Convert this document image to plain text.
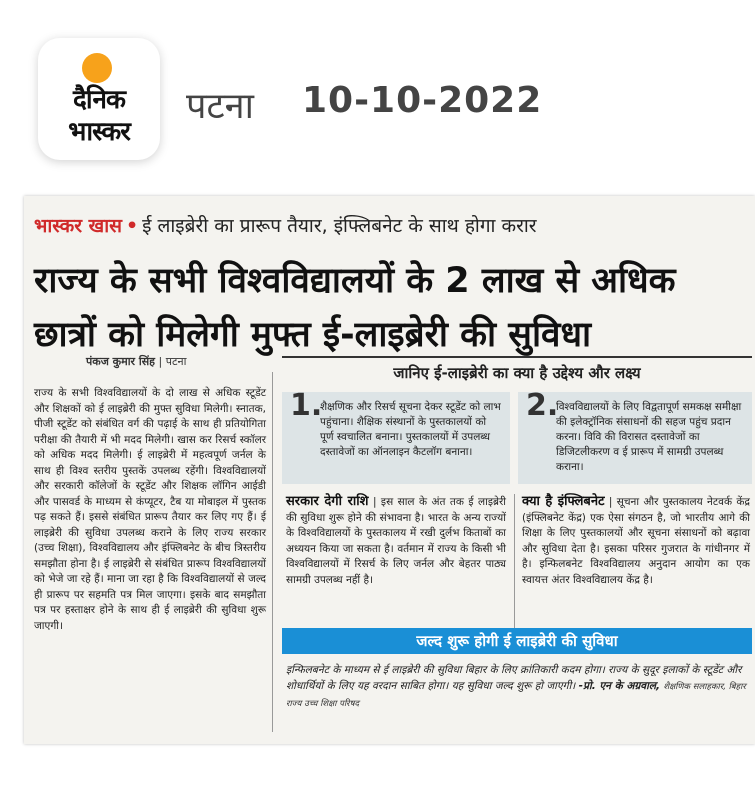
दैनिक
भास्कर
पटना 10-10-2022
भास्कर खास • ई लाइब्रेरी का प्रारूप तैयार, इंफ्लिबनेट के साथ होगा करार
राज्य के सभी विश्वविद्यालयों के 2 लाख से अधिक छात्रों को मिलेगी मुफ्त ई-लाइब्रेरी की सुविधा
पंकज कुमार सिंह | पटना
राज्य के सभी विश्वविद्यालयों के दो लाख से अधिक स्टूडेंट और शिक्षकों को ई लाइब्रेरी की मुफ्त सुविधा मिलेगी। स्नातक, पीजी स्टूडेंट को संबंधित वर्ग की पढ़ाई के साथ ही प्रतियोगिता परीक्षा की तैयारी में भी मदद मिलेगी। खास कर रिसर्च स्कॉलर को अधिक मदद मिलेगी। ई लाइब्रेरी में महत्वपूर्ण जर्नल के साथ ही विश्व स्तरीय पुस्तकें उपलब्ध रहेंगी। विश्वविद्यालयों और सरकारी कॉलेजों के स्टूडेंट और शिक्षक लॉगिन आईडी और पासवर्ड के माध्यम से कंप्यूटर, टैब या मोबाइल में पुस्तक पढ़ सकते हैं। इससे संबंधित प्रारूप तैयार कर लिए गए हैं। ई लाइब्रेरी की सुविधा उपलब्ध कराने के लिए राज्य सरकार (उच्च शिक्षा), विश्वविद्यालय और इंफ्लिबनेट के बीच त्रिस्तरीय समझौता होना है। ई लाइब्रेरी से संबंधित प्रारूप विश्वविद्यालयों को भेजे जा रहे हैं। माना जा रहा है कि विश्वविद्यालयों से जल्द ही प्रारूप पर सहमति पत्र मिल जाएगा। इसके बाद समझौता पत्र पर हस्ताक्षर होने के साथ ही ई लाइब्रेरी की सुविधा शुरू जाएगी।
जानिए ई-लाइब्रेरी का क्या है उद्देश्य और लक्ष्य
1.
शैक्षणिक और रिसर्च सूचना देकर स्टूडेंट को लाभ पहुंचाना। शैक्षिक संस्थानों के पुस्तकालयों को पूर्ण स्वचालित बनाना। पुस्तकालयों में उपलब्ध दस्तावेजों का ऑनलाइन कैटलॉग बनाना।
2.
विश्वविद्यालयों के लिए विद्वतापूर्ण समकक्ष समीक्षा की इलेक्ट्रॉनिक संसाधनों की सहज पहुंच प्रदान करना। विवि की विरासत दस्तावेजों का डिजिटलीकरण व ई प्रारूप में सामग्री उपलब्ध कराना।
सरकार देगी राशि | इस साल के अंत तक ई लाइब्रेरी की सुविधा शुरू होने की संभावना है। भारत के अन्य राज्यों के विश्वविद्यालयों के पुस्तकालय में रखी दुर्लभ किताबों का अध्ययन किया जा सकता है। वर्तमान में राज्य के किसी भी विश्वविद्यालयों में रिसर्च के लिए जर्नल और बेहतर पाठ्य सामग्री उपलब्ध नहीं है।
क्या है इंफ्लिबनेट | सूचना और पुस्तकालय नेटवर्क केंद्र (इंफ्लिबनेट केंद्र) एक ऐसा संगठन है, जो भारतीय आगे की शिक्षा के लिए पुस्तकालयों और सूचना संसाधनों को बढ़ावा और सुविधा देता है। इसका परिसर गुजरात के गांधीनगर में है। इन्फिलबनेट विश्वविद्यालय अनुदान आयोग का एक स्वायत्त अंतर विश्वविद्यालय केंद्र है।
जल्द शुरू होगी ई लाइब्रेरी की सुविधा
इन्फिलबनेट के माध्यम से ई लाइब्रेरी की सुविधा बिहार के लिए क्रांतिकारी कदम होगा। राज्य के सुदूर इलाकों के स्टूडेंट और शोधार्थियों के लिए यह वरदान साबित होगा। यह सुविधा जल्द शुरू हो जाएगी। -प्रो. एन के अग्रवाल, शैक्षणिक सलाहकार, बिहार राज्य उच्च शिक्षा परिषद
